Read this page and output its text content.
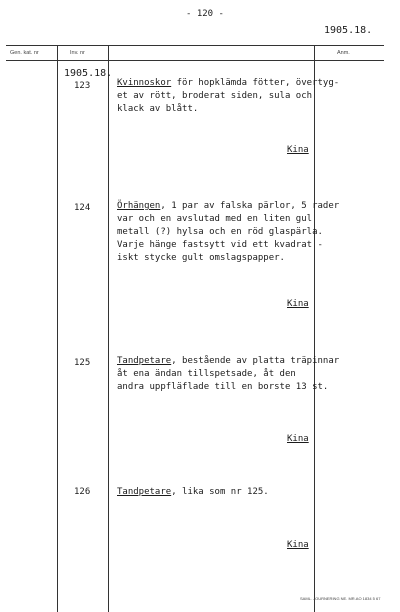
- 120 -
1905.18.
Gen. kat. nr	Inv. nr	Anm.
1905.18.
123	Kvinnoskor för hopklämda fötter, övertyg-
et av rött, broderat siden, sula och
klack av blått.
Kina
124	Örhängen, 1 par av falska pärlor, 5 rader
var och en avslutad med en liten gul
metall (?) hylsa och en röd glaspärla.
Varje hänge fastsytt vid ett kvadrat -
iskt stycke gult omslagspapper.
Kina
125	Tandpetare, bestående av platta träpinnar
åt ena ändan tillspetsade, åt den
andra uppfläflade till en borste 13 st.
Kina
126	Tandpetare, lika som nr 125.
Kina
SAML. JOURNERING NE. MR.AO 1834 5 67
